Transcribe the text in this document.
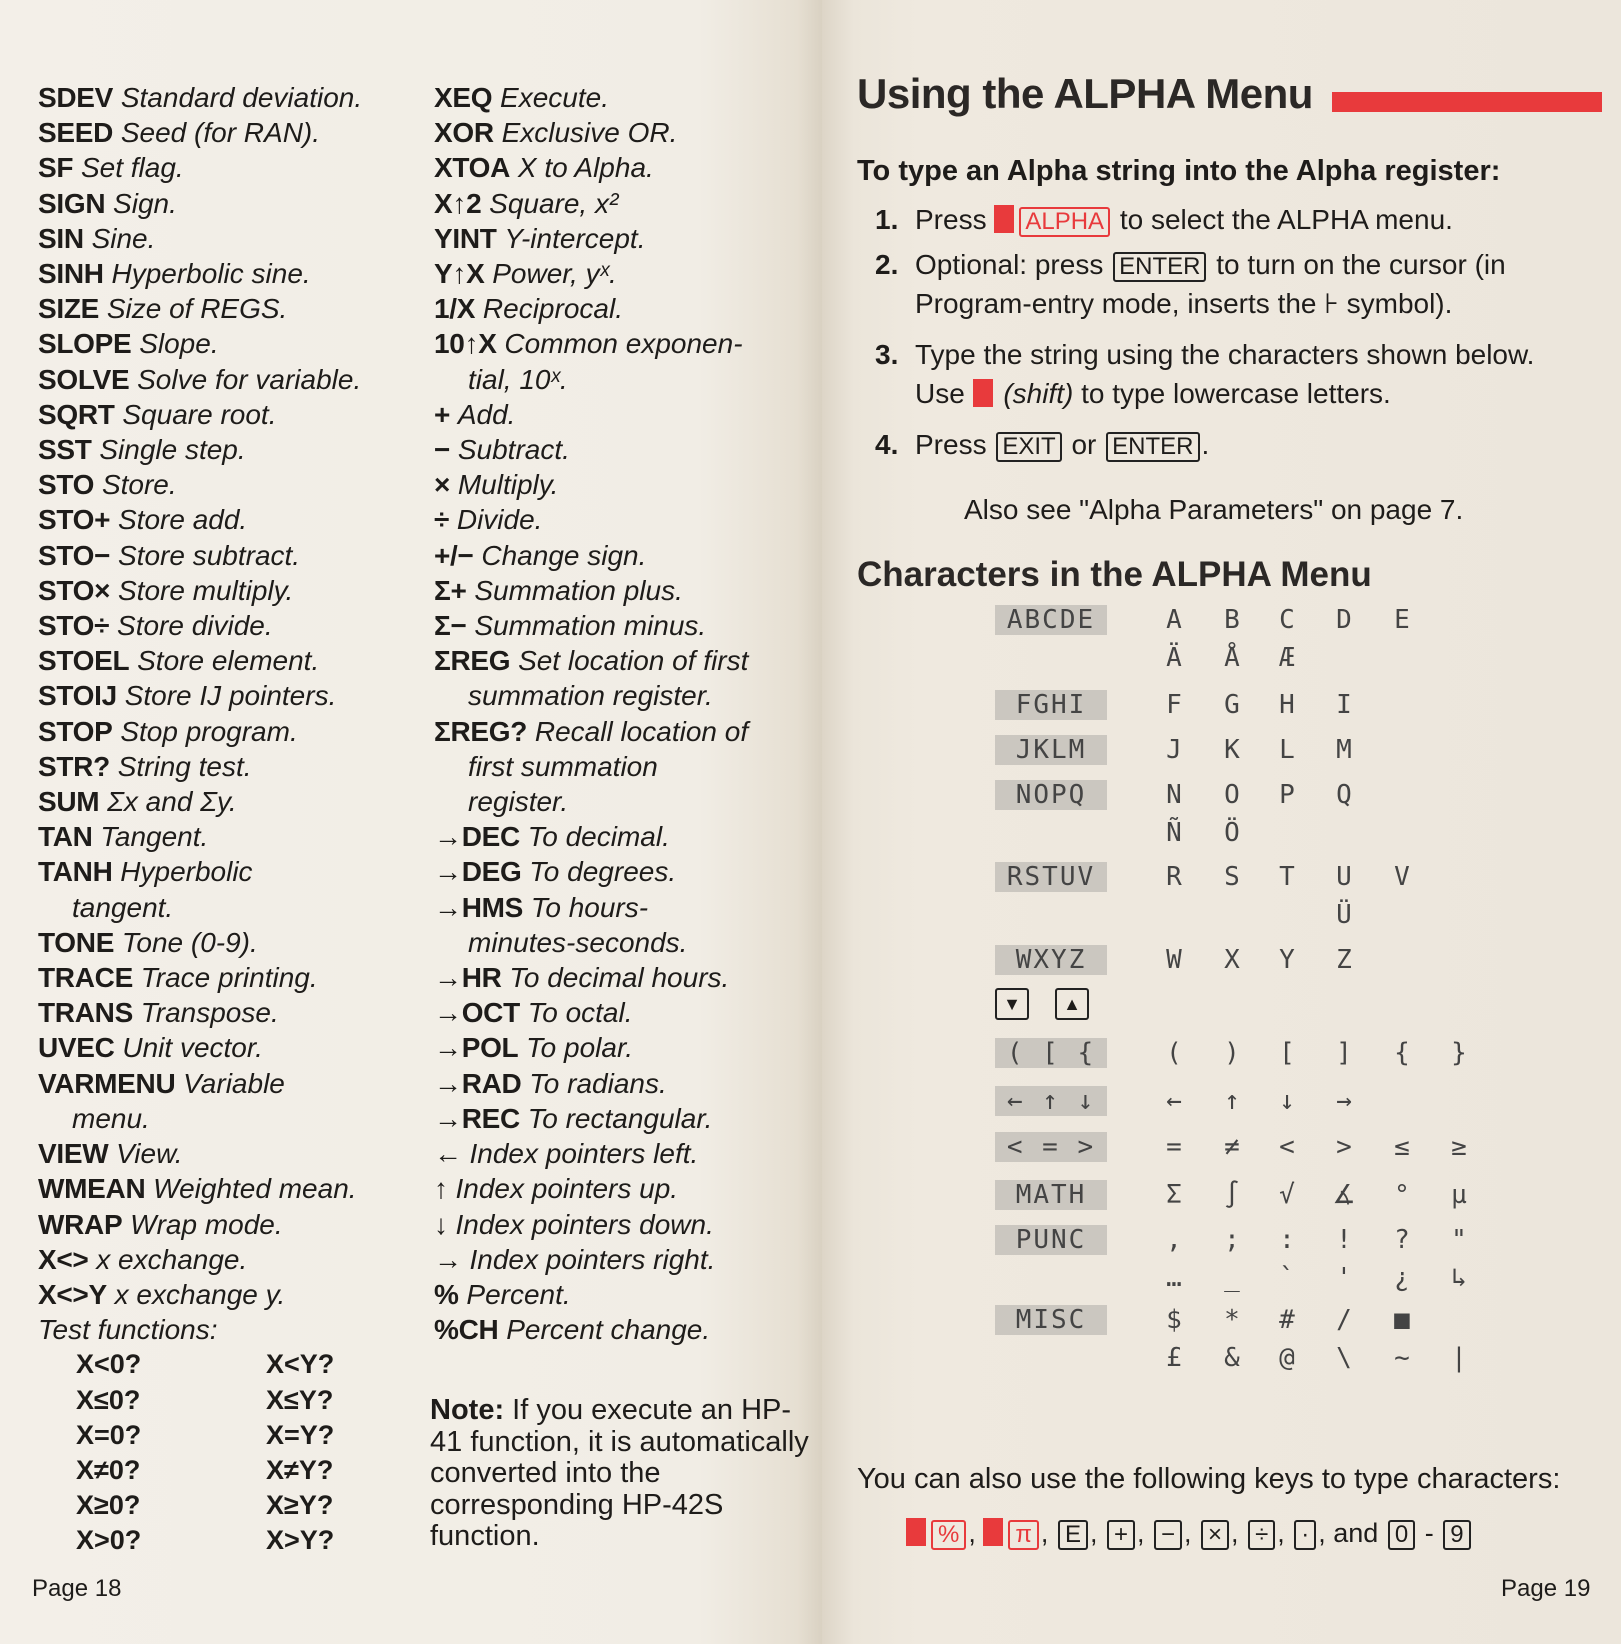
SDEV Standard deviation.
SEED Seed (for RAN).
SF Set flag.
SIGN Sign.
SIN Sine.
SINH Hyperbolic sine.
SIZE Size of REGS.
SLOPE Slope.
SOLVE Solve for variable.
SQRT Square root.
SST Single step.
STO Store.
STO+ Store add.
STO− Store subtract.
STO× Store multiply.
STO÷ Store divide.
STOEL Store element.
STOIJ Store IJ pointers.
STOP Stop program.
STR? String test.
SUM Σx and Σy.
TAN Tangent.
TANH Hyperbolic
tangent.
TONE Tone (0-9).
TRACE Trace printing.
TRANS Transpose.
UVEC Unit vector.
VARMENU Variable
menu.
VIEW View.
WMEAN Weighted mean.
WRAP Wrap mode.
X<> x exchange.
X<>Y x exchange y.
Test functions:
X<0?	X<Y?
X≤0?	X≤Y?
X=0?	X=Y?
X≠0?	X≠Y?
X≥0?	X≥Y?
X>0?	X>Y?
XEQ Execute.
XOR Exclusive OR.
XTOA X to Alpha.
X↑2 Square, x²
YINT Y-intercept.
Y↑X Power, yˣ.
1/X Reciprocal.
10↑X Common exponen-
tial, 10ˣ.
+ Add.
− Subtract.
× Multiply.
÷ Divide.
+/− Change sign.
Σ+ Summation plus.
Σ− Summation minus.
ΣREG Set location of first
summation register.
ΣREG? Recall location of
first summation
register.
→DEC To decimal.
→DEG To degrees.
→HMS To hours-
minutes-seconds.
→HR To decimal hours.
→OCT To octal.
→POL To polar.
→RAD To radians.
→REC To rectangular.
← Index pointers left.
↑ Index pointers up.
↓ Index pointers down.
→ Index pointers right.
% Percent.
%CH Percent change.
Note: If you execute an HP-41 function, it is automatically converted into the corresponding HP-42S function.
Page 18
Using the ALPHA Menu
To type an Alpha string into the Alpha register:
1. Press ALPHA to select the ALPHA menu.
2. Optional: press ENTER to turn on the cursor (in
Program-entry mode, inserts the ⊦ symbol).
3. Type the string using the characters shown below.
Use (shift) to type lowercase letters.
4. Press EXIT or ENTER .
Also see "Alpha Parameters" on page 7.
Characters in the ALPHA Menu
ABCDE	A	B	C	D	E
Ä	Å	Æ
FGHI	F	G	H	I
JKLM	J	K	L	M
NOPQ	N	O	P	Q
Ñ	Ö
RSTUV	R	S	T	U	V
Ü
WXYZ	W	X	Y	Z
( [ {	(	)	[	]	{	}
← ↑ ↓	←	↑	↓	→
< = >	=	≠	<	>	≤	≥
MATH	Σ	∫	√	∡	°	µ
PUNC	,	;	:	!	?	"
…	_	`	'	¿	↳
MISC	$	*	#	/	■
£	&	@	\	~	|
▼	▲
You can also use the following keys to type characters:
% , π , E , + , − , × , ÷ , · , and 0 - 9
Page 19
